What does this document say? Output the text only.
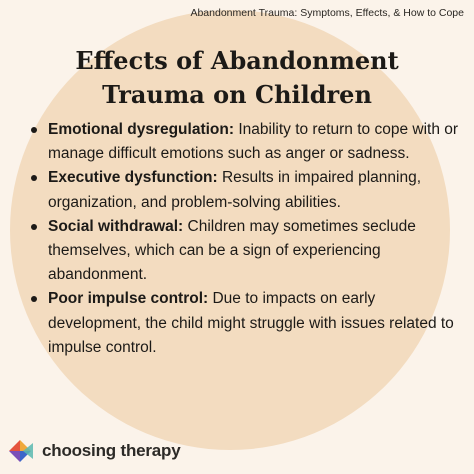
Abandonment Trauma: Symptoms, Effects, & How to Cope
Effects of Abandonment
Trauma on Children
Emotional dysregulation: Inability to return to cope with or manage difficult emotions such as anger or sadness.
Executive dysfunction: Results in impaired planning, organization, and problem-solving abilities.
Social withdrawal: Children may sometimes seclude themselves, which can be a sign of experiencing abandonment.
Poor impulse control: Due to impacts on early development, the child might struggle with issues related to impulse control.
choosing therapy
